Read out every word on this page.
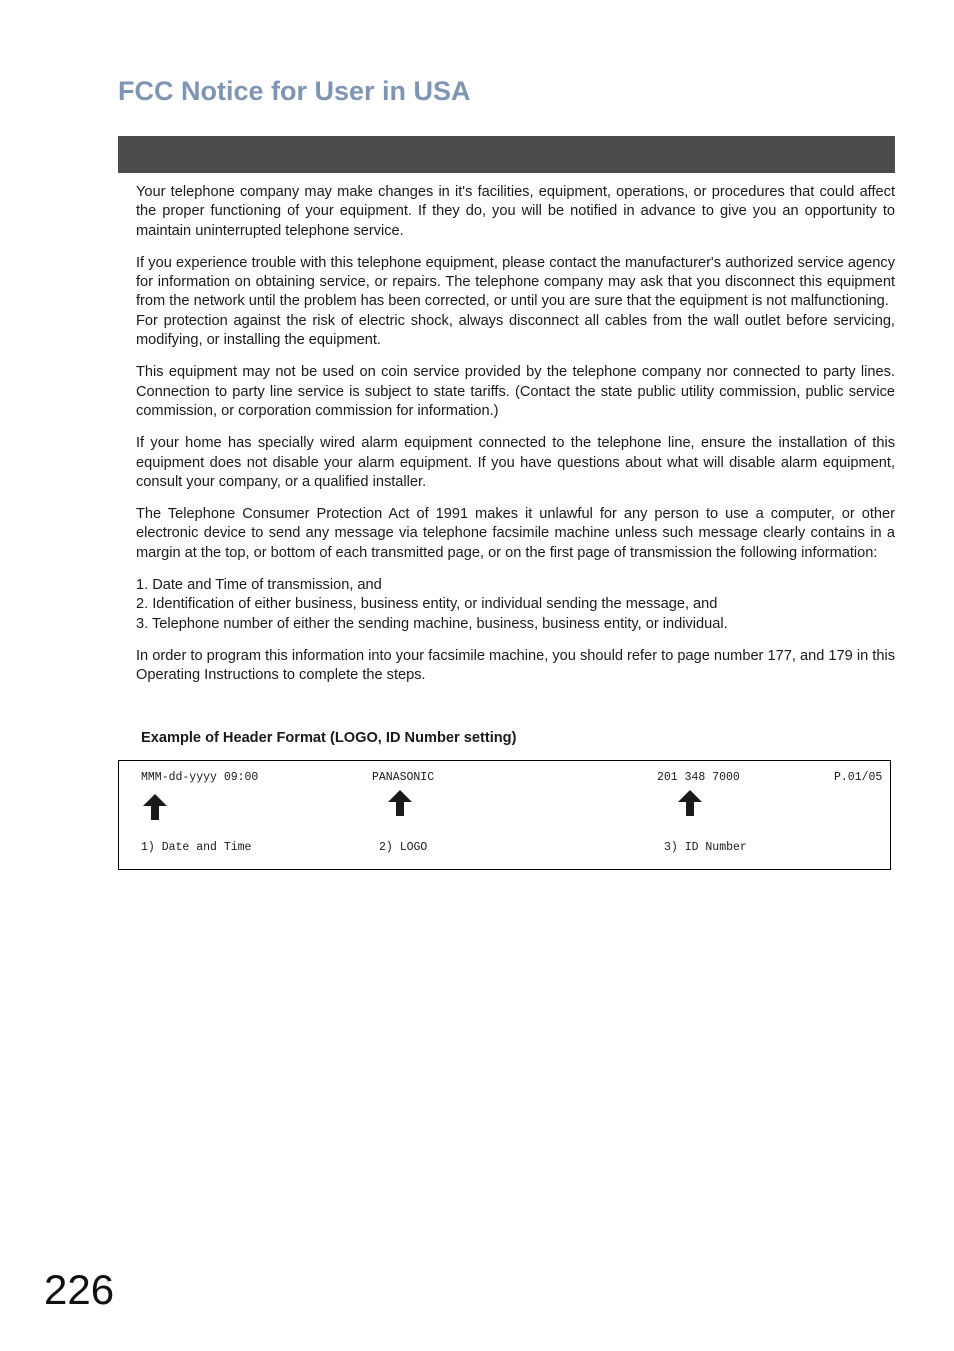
FCC Notice for User in USA

Your telephone company may make changes in it's facilities, equipment, operations, or procedures that could affect the proper functioning of your equipment. If they do, you will be notified in advance to give you an opportunity to maintain uninterrupted telephone service.

If you experience trouble with this telephone equipment, please contact the manufacturer's authorized service agency for information on obtaining service, or repairs. The telephone company may ask that you disconnect this equipment from the network until the problem has been corrected, or until you are sure that the equipment is not malfunctioning.

For protection against the risk of electric shock, always disconnect all cables from the wall outlet before servicing, modifying, or installing the equipment.

This equipment may not be used on coin service provided by the telephone company nor connected to party lines. Connection to party line service is subject to state tariffs. (Contact the state public utility commission, public service commission, or corporation commission for information.)

If your home has specially wired alarm equipment connected to the telephone line, ensure the installation of this equipment does not disable your alarm equipment. If you have questions about what will disable alarm equipment, consult your company, or a qualified installer.

The Telephone Consumer Protection Act of 1991 makes it unlawful for any person to use a computer, or other electronic device to send any message via telephone facsimile machine unless such message clearly contains in a margin at the top, or bottom of each transmitted page, or on the first page of transmission the following information:

1. Date and Time of transmission, and
2. Identification of either business, business entity, or individual sending the message, and
3. Telephone number of either the sending machine, business, business entity, or individual.

In order to program this information into your facsimile machine, you should refer to page number 177, and 179 in this Operating Instructions to complete the steps.

Example of Header Format (LOGO, ID Number setting)
MMM-dd-yyyy 09:00	PANASONIC	201 348 7000	P.01/05
1) Date and Time	2) LOGO	3) ID Number

226
